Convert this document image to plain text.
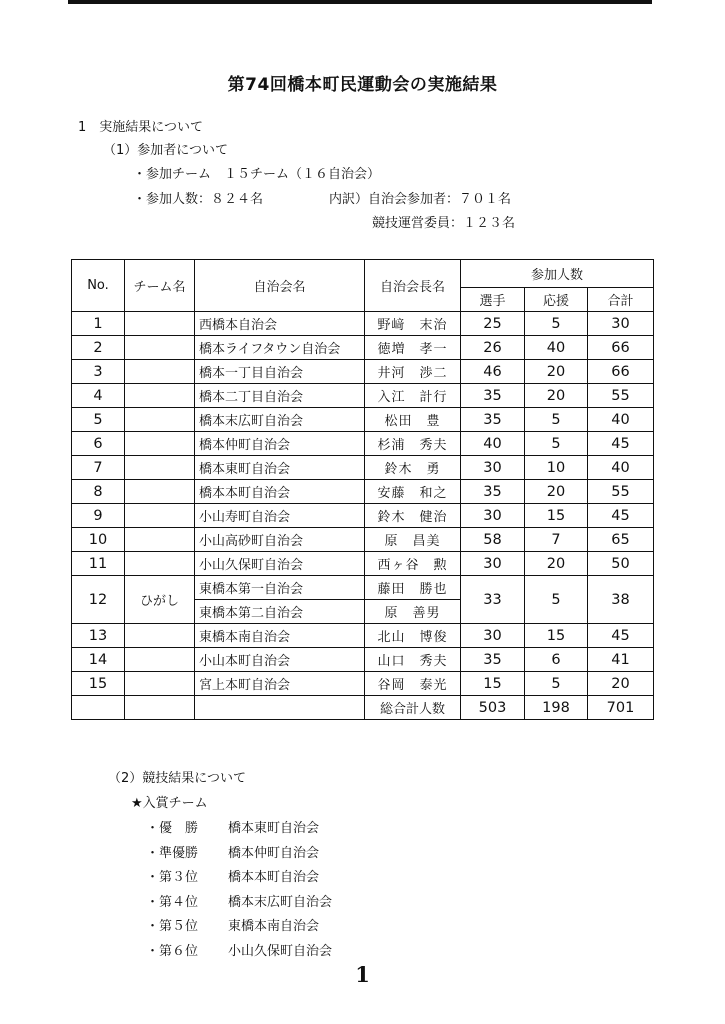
第74回橋本町民運動会の実施結果
1　実施結果について
（1）参加者について
・参加チーム　１５チーム（１６自治会）
・参加人数：８２４名	内訳）自治会参加者：７０１名
競技運営委員：１２３名
No.	チーム名	自治会名	自治会長名	参加人数		
				選手	応援	合計
1		西橋本自治会	野﨑　末治	25	5	30
2		橋本ライフタウン自治会	徳増　孝一	26	40	66
3		橋本一丁目自治会	井河　渉二	46	20	66
4		橋本二丁目自治会	入江　計行	35	20	55
5		橋本末広町自治会	松田　豊	35	5	40
6		橋本仲町自治会	杉浦　秀夫	40	5	45
7		橋本東町自治会	鈴木　勇	30	10	40
8		橋本本町自治会	安藤　和之	35	20	55
9		小山寿町自治会	鈴木　健治	30	15	45
10		小山高砂町自治会	原　昌美	58	7	65
11		小山久保町自治会	西ヶ谷　勲	30	20	50
12	ひがし	東橋本第一自治会	藤田　勝也	33	5	38
		東橋本第二自治会	原　善男			
13		東橋本南自治会	北山　博俊	30	15	45
14		小山本町自治会	山口　秀夫	35	6	41
15		宮上本町自治会	谷岡　泰光	15	5	20
			総合計人数	503	198	701
（2）競技結果について
★入賞チーム
・優　勝 橋本東町自治会
・準優勝 橋本仲町自治会
・第３位 橋本本町自治会
・第４位 橋本末広町自治会
・第５位 東橋本南自治会
・第６位 小山久保町自治会
1
